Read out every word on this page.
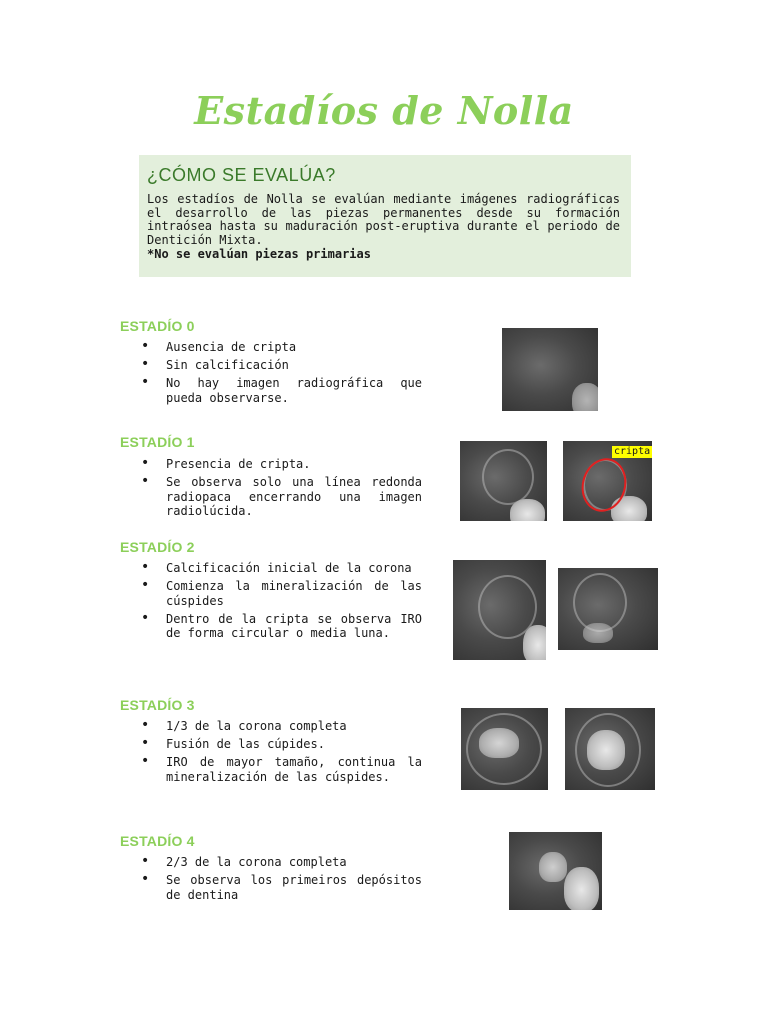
Estadíos de Nolla
¿CÓMO SE EVALÚA?
Los estadíos de Nolla se evalúan mediante imágenes radiográficas el desarrollo de las piezas permanentes desde su formación intraósea hasta su maduración post-eruptiva durante el periodo de Dentición Mixta.
*No se evalúan piezas primarias
ESTADÍO 0
• Ausencia de cripta
• Sin calcificación
• No hay imagen radiográfica que pueda observarse.
ESTADÍO 1
• Presencia de cripta.
• Se observa solo una línea redonda radiopaca encerrando una imagen radiolúcida.
cripta
ESTADÍO 2
• Calcificación inicial de la corona
• Comienza la mineralización de las cúspides
• Dentro de la cripta se observa IRO de forma circular o media luna.
ESTADÍO 3
• 1/3 de la corona completa
• Fusión de las cúpides.
• IRO de mayor tamaño, continua la mineralización de las cúspides.
ESTADÍO 4
• 2/3 de la corona completa
• Se observa los primeiros depósitos de dentina
